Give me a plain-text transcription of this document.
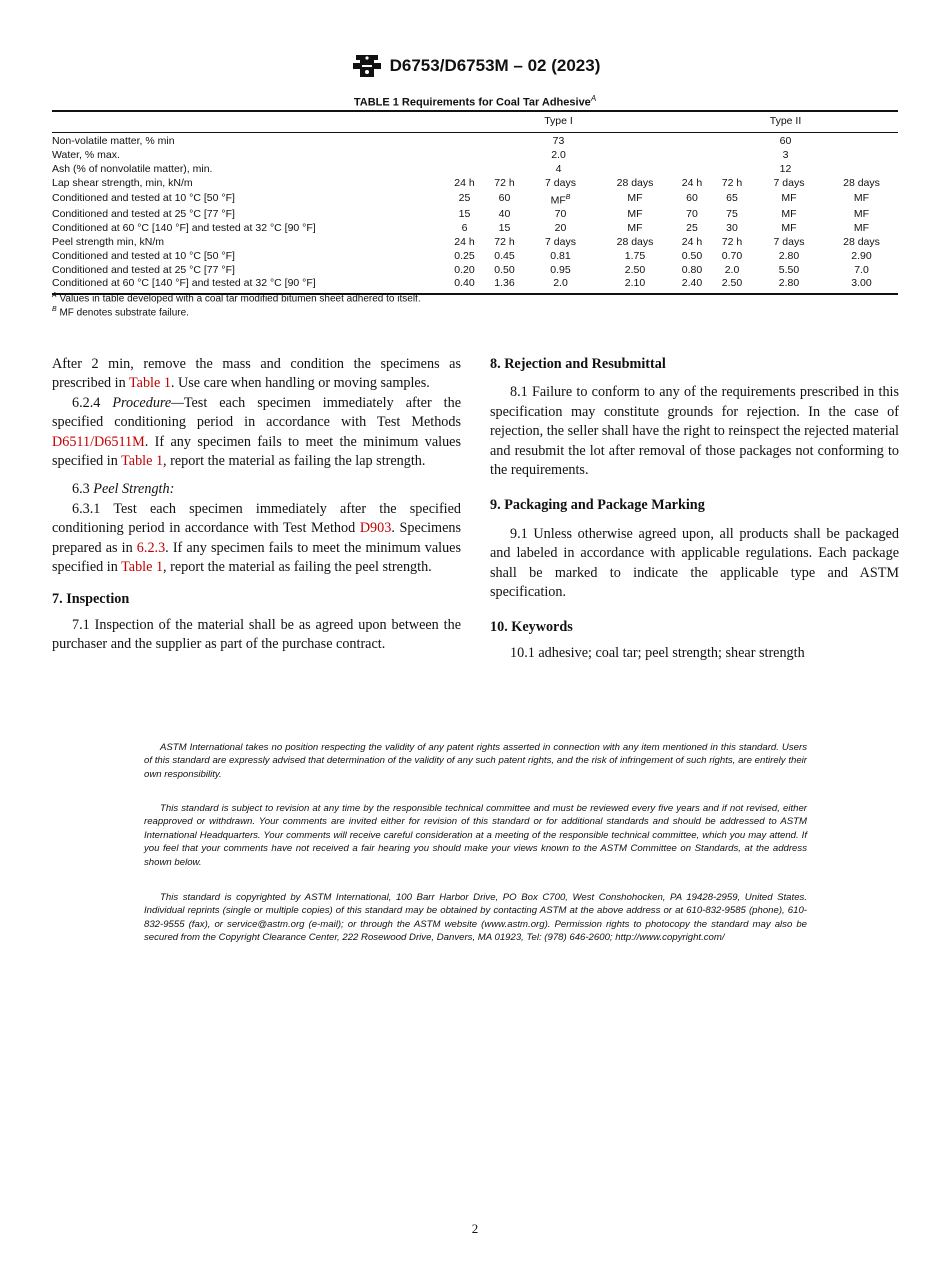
D6753/D6753M – 02 (2023)
TABLE 1 Requirements for Coal Tar Adhesive$^A$
	Type I				Type II			
Non-volatile matter, % min	73				60			
Water, % max.	2.0				3			
Ash (% of nonvolatile matter), min.	4				12			
Lap shear strength, min, kN/m	24 h	72 h	7 days	28 days	24 h	72 h	7 days	28 days
Conditioned and tested at 10 °C [50 °F]	25	60	$MF^B$	MF	60	65	MF	MF
Conditioned and tested at 25 °C [77 °F]	15	40	70	MF	70	75	MF	MF
Conditioned at 60 °C [140 °F] and tested at 32 °C [90 °F]	6	15	20	MF	25	30	MF	MF
Peel strength min, kN/m	24 h	72 h	7 days	28 days	24 h	72 h	7 days	28 days
Conditioned and tested at 10 °C [50 °F]	0.25	0.45	0.81	1.75	0.50	0.70	2.80	2.90
Conditioned and tested at 25 °C [77 °F]	0.20	0.50	0.95	2.50	0.80	2.0	5.50	7.0
Conditioned at 60 °C [140 °F] and tested at 32 °C [90 °F]	0.40	1.36	2.0	2.10	2.40	2.50	2.80	3.00
$^A$ Values in table developed with a coal tar modified bitumen sheet adhered to itself.
$^B$ MF denotes substrate failure.

After 2 min, remove the mass and condition the specimens as prescribed in Table 1. Use care when handling or moving samples.

6.2.4 Procedure—Test each specimen immediately after the specified conditioning period in accordance with Test Methods D6511/D6511M. If any specimen fails to meet the minimum values specified in Table 1, report the material as failing the lap strength.

6.3 Peel Strength:

6.3.1 Test each specimen immediately after the specified conditioning period in accordance with Test Method D903. Specimens prepared as in 6.2.3. If any specimen fails to meet the minimum values specified in Table 1, report the material as failing the peel strength.

7. Inspection

7.1 Inspection of the material shall be as agreed upon between the purchaser and the supplier as part of the purchase contract.

8. Rejection and Resubmittal

8.1 Failure to conform to any of the requirements prescribed in this specification may constitute grounds for rejection. In the case of rejection, the seller shall have the right to reinspect the rejected material and resubmit the lot after removal of those packages not conforming to the requirements.

9. Packaging and Package Marking

9.1 Unless otherwise agreed upon, all products shall be packaged and labeled in accordance with applicable regulations. Each package shall be marked to indicate the applicable type and ASTM specification.

10. Keywords

10.1 adhesive; coal tar; peel strength; shear strength

ASTM International takes no position respecting the validity of any patent rights asserted in connection with any item mentioned in this standard. Users of this standard are expressly advised that determination of the validity of any such patent rights, and the risk of infringement of such rights, are entirely their own responsibility.

This standard is subject to revision at any time by the responsible technical committee and must be reviewed every five years and if not revised, either reapproved or withdrawn. Your comments are invited either for revision of this standard or for additional standards and should be addressed to ASTM International Headquarters. Your comments will receive careful consideration at a meeting of the responsible technical committee, which you may attend. If you feel that your comments have not received a fair hearing you should make your views known to the ASTM Committee on Standards, at the address shown below.

This standard is copyrighted by ASTM International, 100 Barr Harbor Drive, PO Box C700, West Conshohocken, PA 19428-2959, United States. Individual reprints (single or multiple copies) of this standard may be obtained by contacting ASTM at the above address or at 610-832-9585 (phone), 610-832-9555 (fax), or service@astm.org (e-mail); or through the ASTM website (www.astm.org). Permission rights to photocopy the standard may also be secured from the Copyright Clearance Center, 222 Rosewood Drive, Danvers, MA 01923, Tel: (978) 646-2600; http://www.copyright.com/

2
